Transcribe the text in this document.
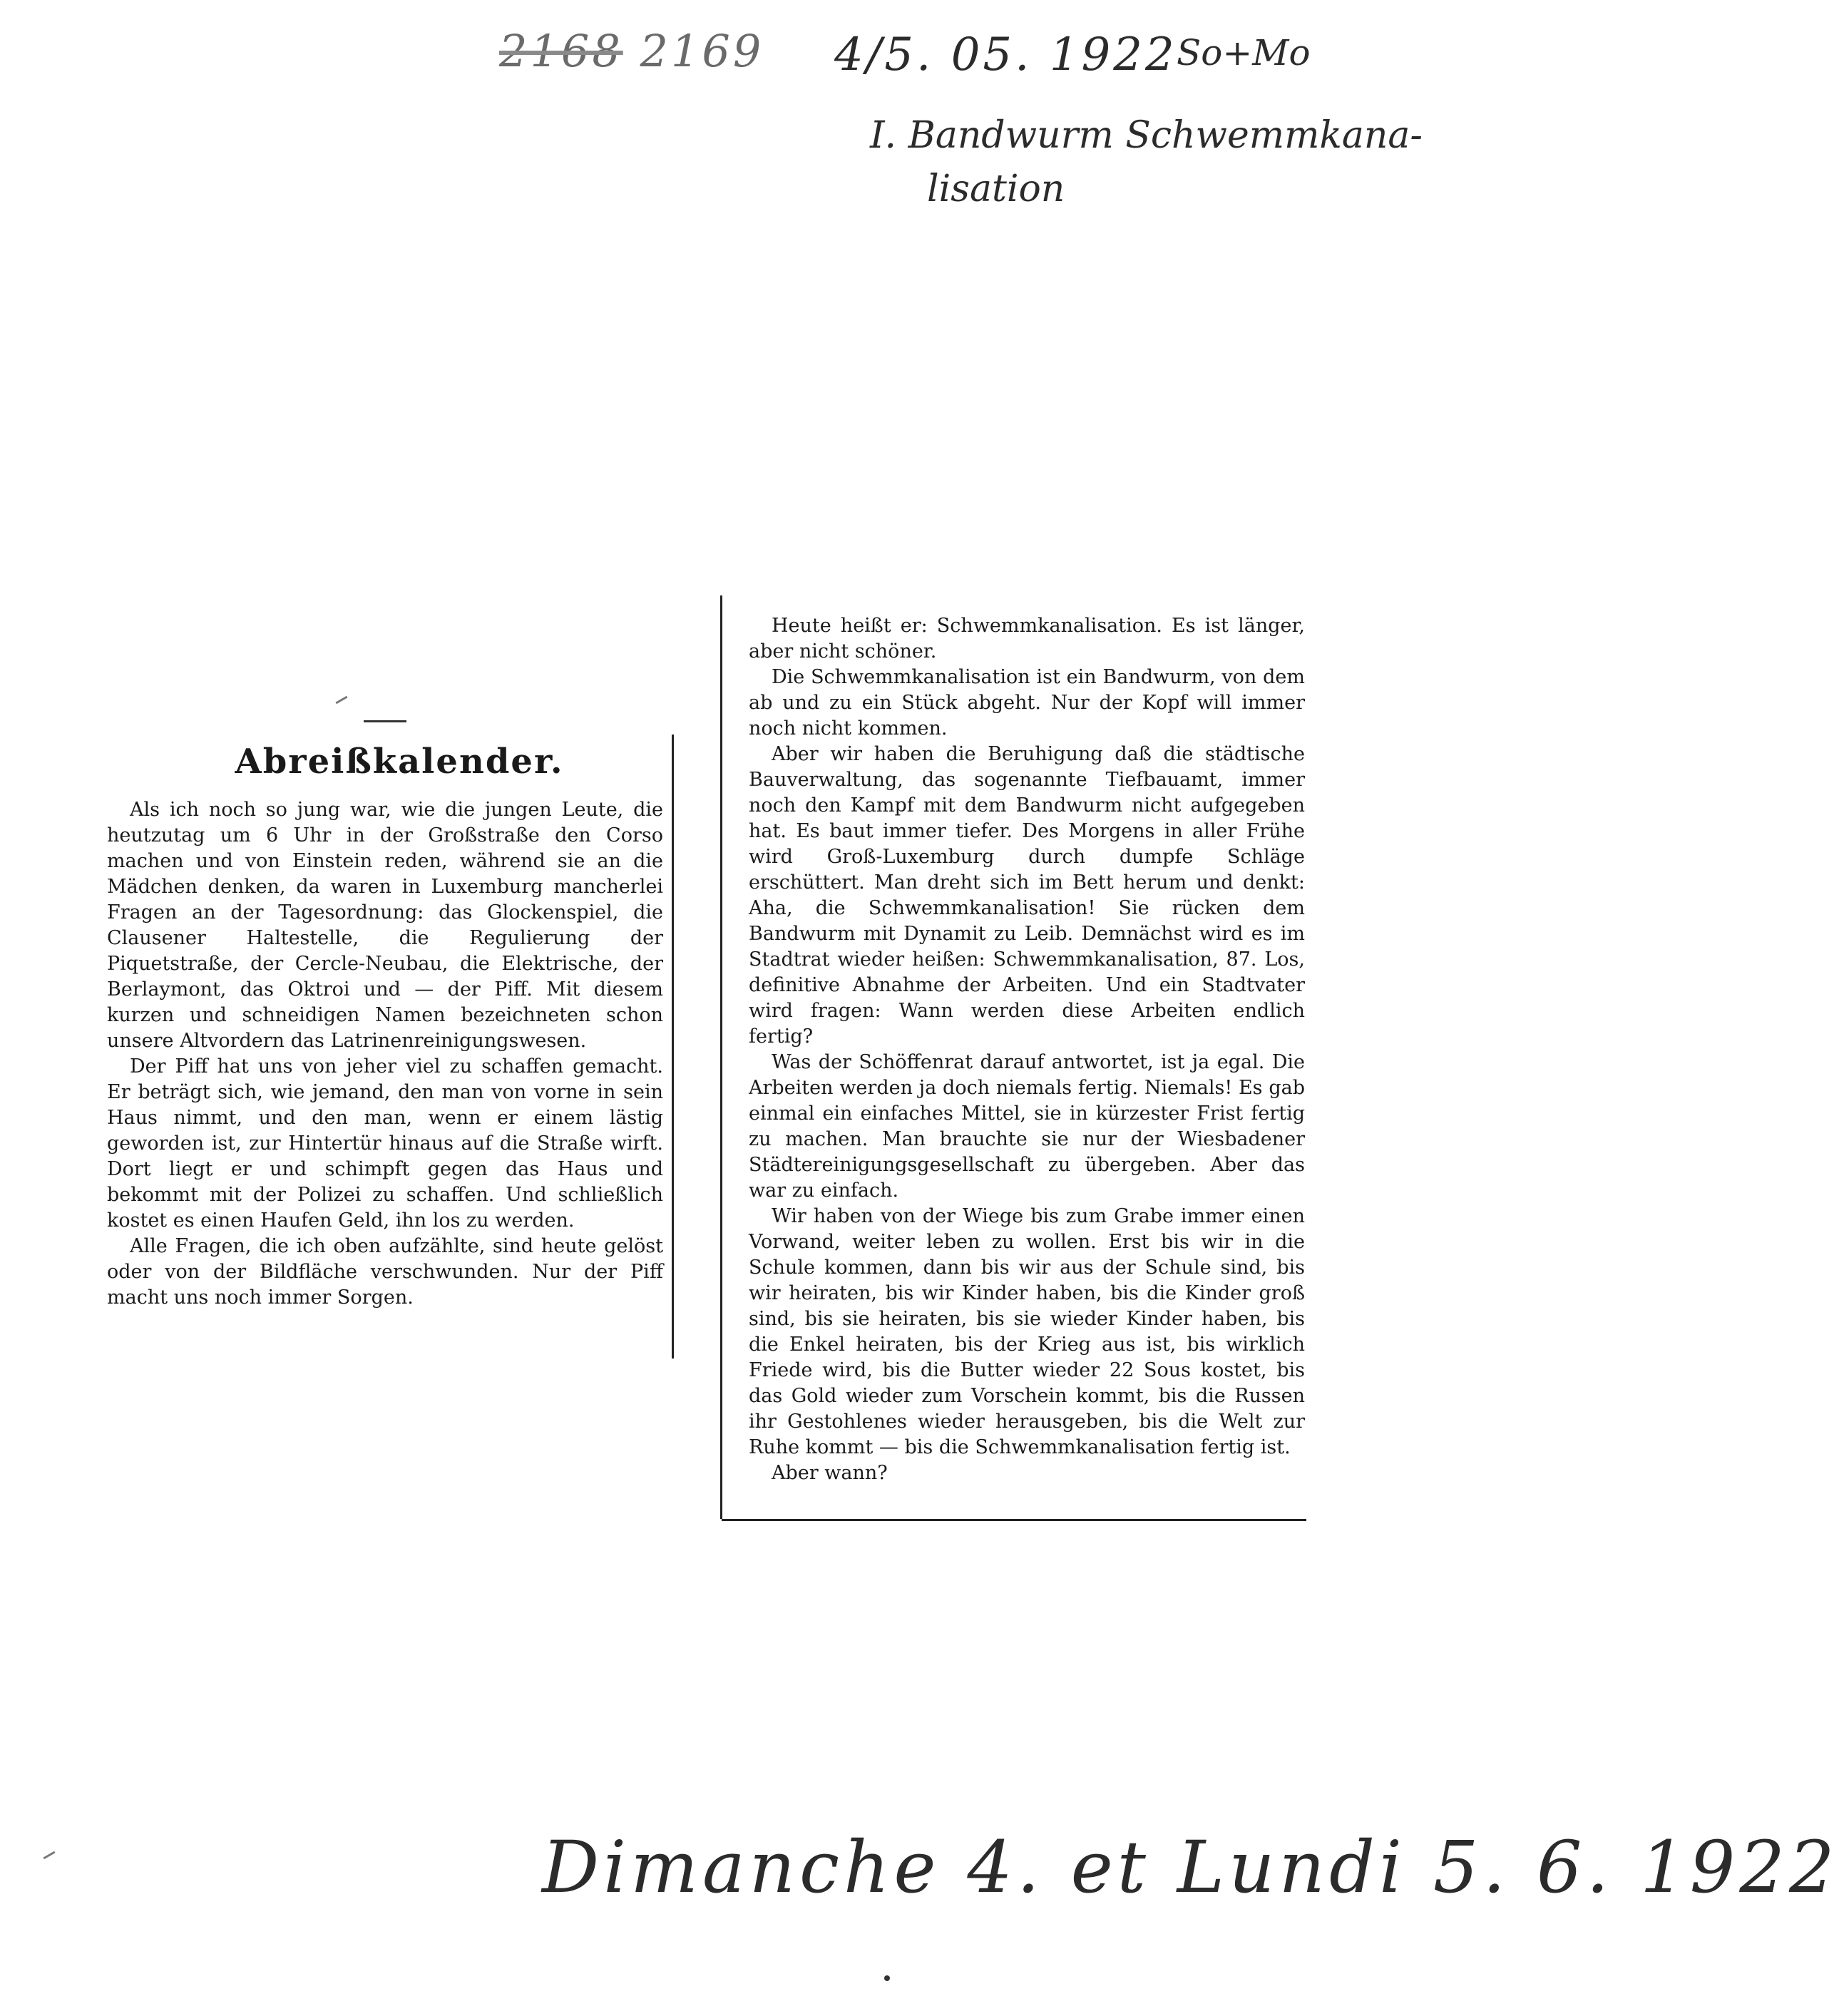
2168 2169 4/5. 05. 1922 So+Mo
I. Bandwurm Schwemmkana-
lisation
Abreißkalender.

Als ich noch so jung war, wie die jungen Leute, die heutzutag um 6 Uhr in der Großstraße den Corso machen und von Einstein reden, während sie an die Mädchen denken, da waren in Luxemburg mancherlei Fragen an der Tagesordnung: das Glockenspiel, die Clausener Haltestelle, die Regulierung der Piquetstraße, der Cercle-Neubau, die Elektrische, der Berlaymont, das Oktroi und — der Piff. Mit diesem kurzen und schneidigen Namen bezeichneten schon unsere Altvordern das Latrinenreinigungswesen.

Der Piff hat uns von jeher viel zu schaffen gemacht. Er beträgt sich, wie jemand, den man von vorne in sein Haus nimmt, und den man, wenn er einem lästig geworden ist, zur Hintertür hinaus auf die Straße wirft. Dort liegt er und schimpft gegen das Haus und bekommt mit der Polizei zu schaffen. Und schließlich kostet es einen Haufen Geld, ihn los zu werden.

Alle Fragen, die ich oben aufzählte, sind heute gelöst oder von der Bildfläche verschwunden. Nur der Piff macht uns noch immer Sorgen.

Heute heißt er: Schwemmkanalisation. Es ist länger, aber nicht schöner.

Die Schwemmkanalisation ist ein Bandwurm, von dem ab und zu ein Stück abgeht. Nur der Kopf will immer noch nicht kommen.

Aber wir haben die Beruhigung daß die städtische Bauverwaltung, das sogenannte Tiefbauamt, immer noch den Kampf mit dem Bandwurm nicht aufgegeben hat. Es baut immer tiefer. Des Morgens in aller Frühe wird Groß-Luxemburg durch dumpfe Schläge erschüttert. Man dreht sich im Bett herum und denkt: Aha, die Schwemmkanalisation! Sie rücken dem Bandwurm mit Dynamit zu Leib. Demnächst wird es im Stadtrat wieder heißen: Schwemmkanalisation, 87. Los, definitive Abnahme der Arbeiten. Und ein Stadtvater wird fragen: Wann werden diese Arbeiten endlich fertig?

Was der Schöffenrat darauf antwortet, ist ja egal. Die Arbeiten werden ja doch niemals fertig. Niemals! Es gab einmal ein einfaches Mittel, sie in kürzester Frist fertig zu machen. Man brauchte sie nur der Wiesbadener Städtereinigungsgesellschaft zu übergeben. Aber das war zu einfach.

Wir haben von der Wiege bis zum Grabe immer einen Vorwand, weiter leben zu wollen. Erst bis wir in die Schule kommen, dann bis wir aus der Schule sind, bis wir heiraten, bis wir Kinder haben, bis die Kinder groß sind, bis sie heiraten, bis sie wieder Kinder haben, bis die Enkel heiraten, bis der Krieg aus ist, bis wirklich Friede wird, bis die Butter wieder 22 Sous kostet, bis das Gold wieder zum Vorschein kommt, bis die Russen ihr Gestohlenes wieder herausgeben, bis die Welt zur Ruhe kommt — bis die Schwemmkanalisation fertig ist.

Aber wann?

Dimanche 4. et Lundi 5. 6. 1922
